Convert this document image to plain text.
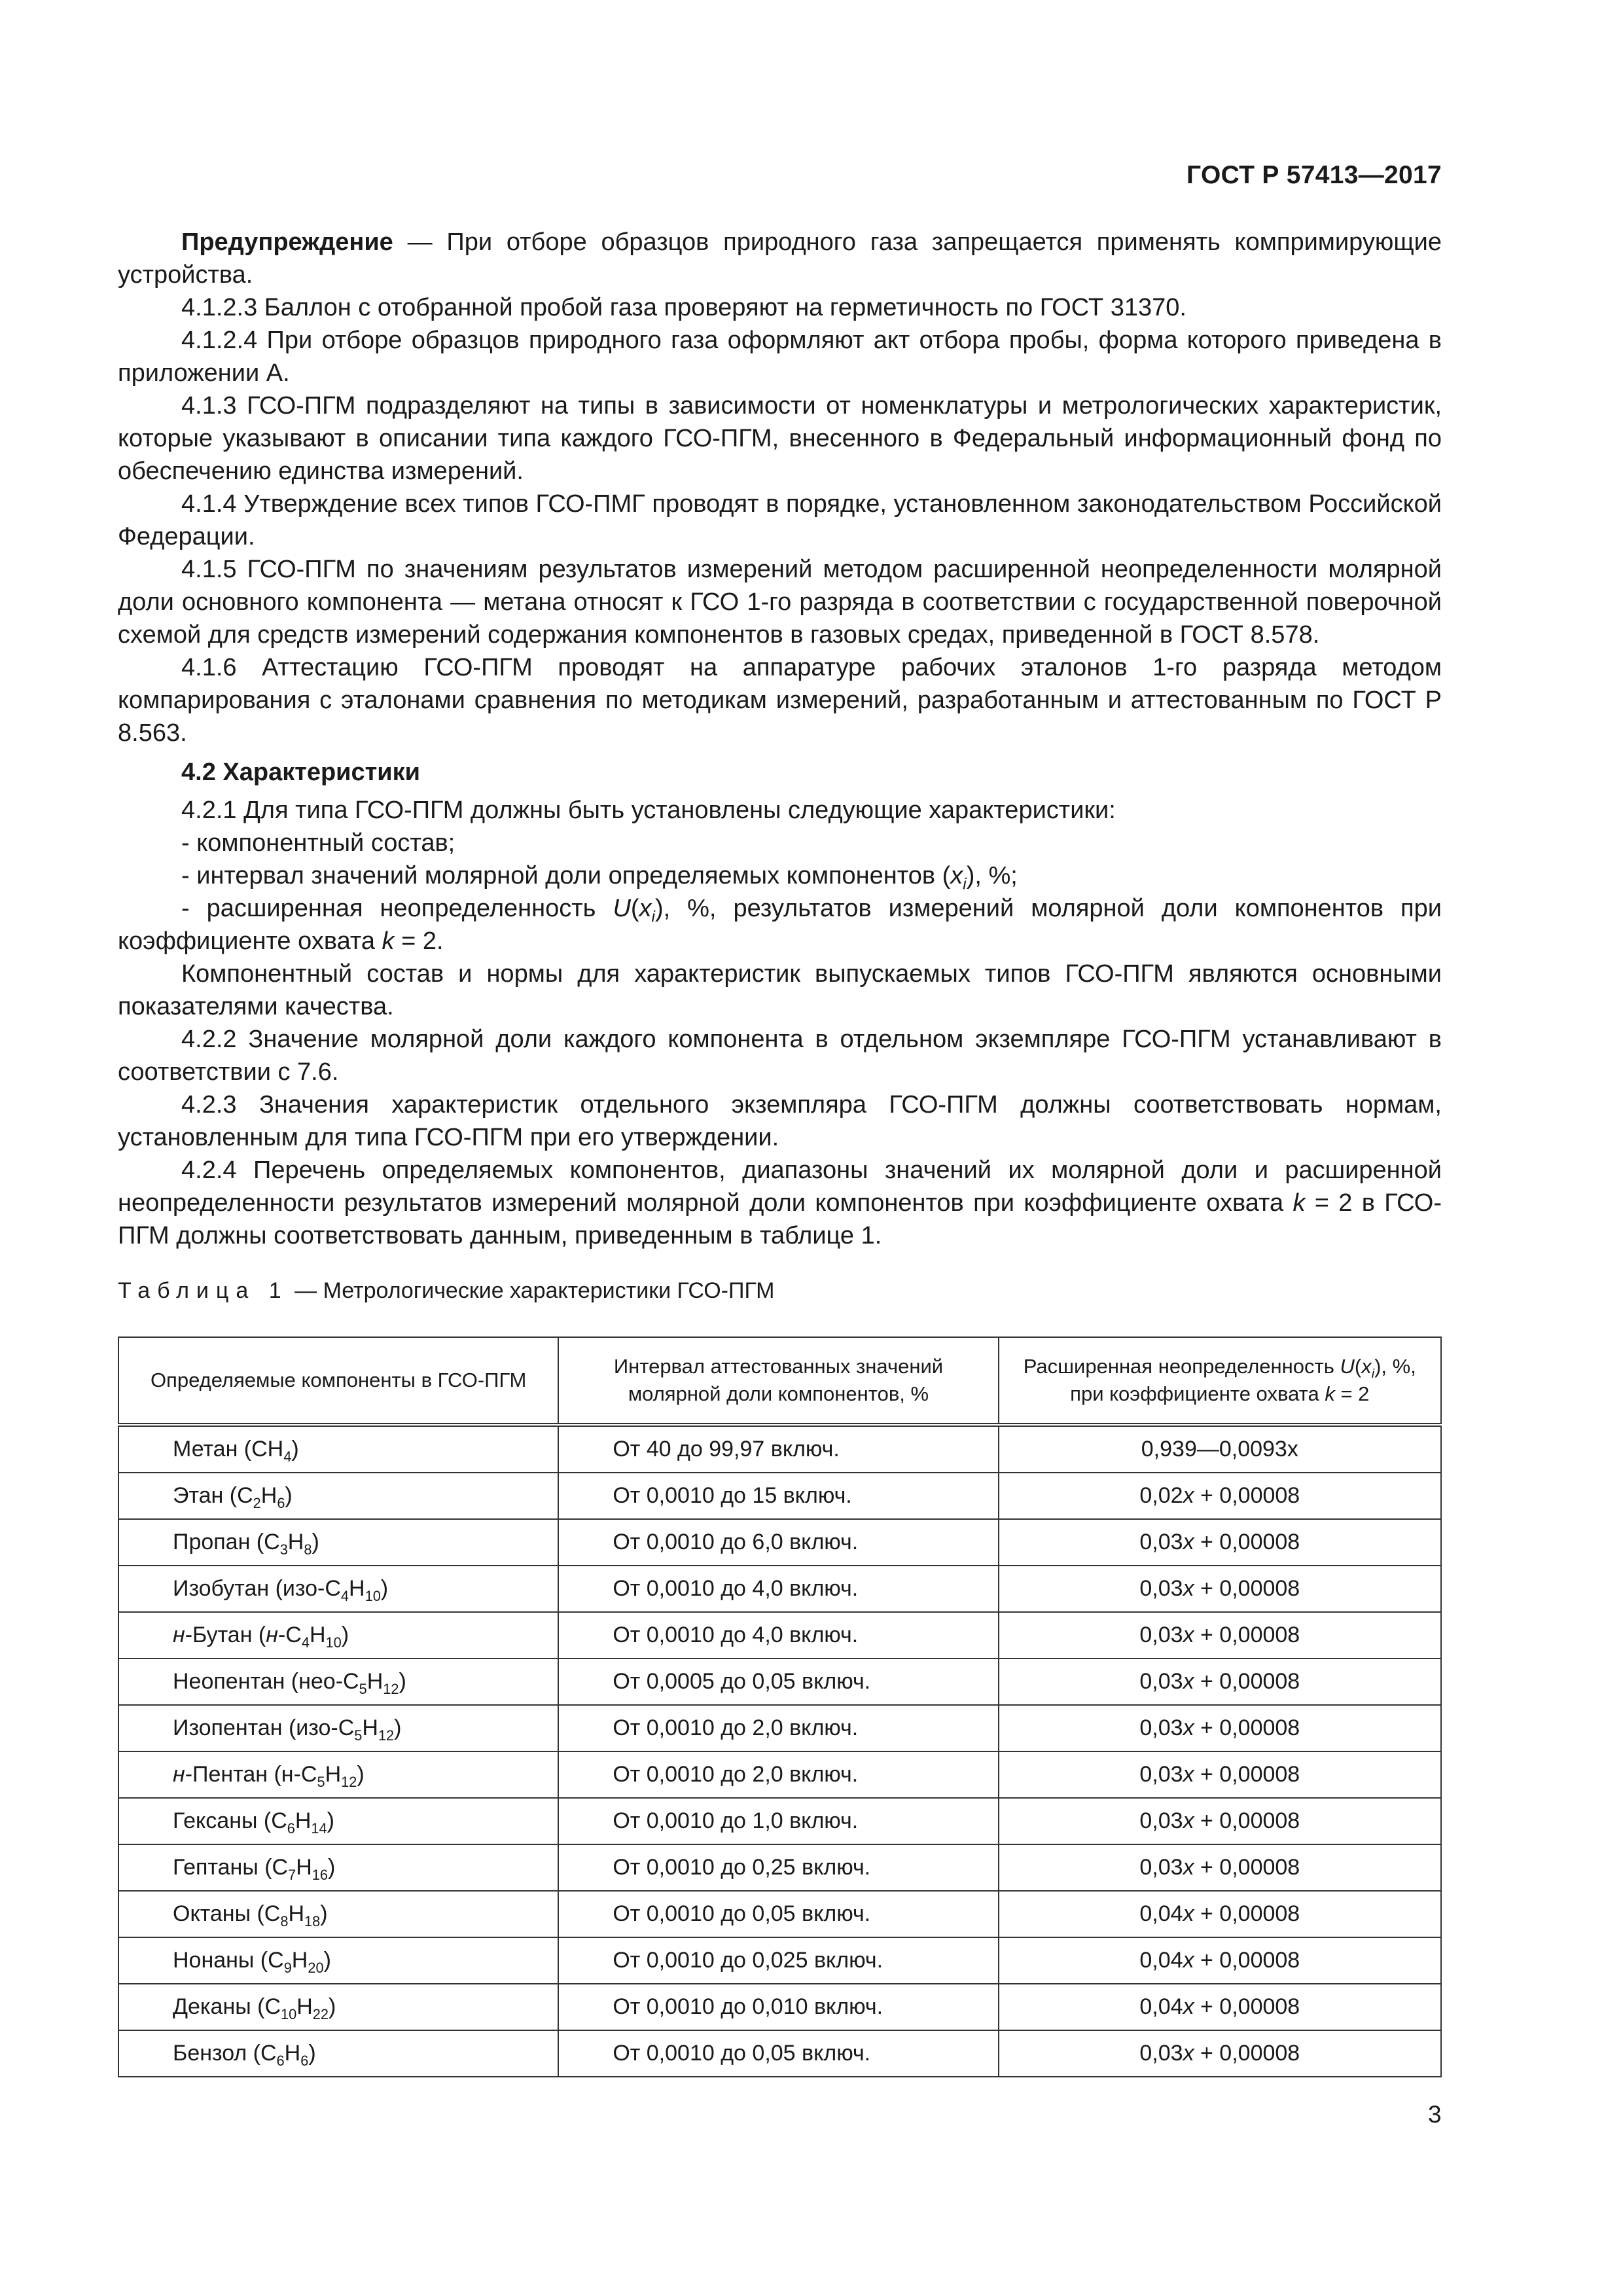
ГОСТ Р 57413—2017

Предупреждение — При отборе образцов природного газа запрещается применять компримирующие устройства.

4.1.2.3 Баллон с отобранной пробой газа проверяют на герметичность по ГОСТ 31370.

4.1.2.4 При отборе образцов природного газа оформляют акт отбора пробы, форма которого приведена в приложении А.

4.1.3 ГСО-ПГМ подразделяют на типы в зависимости от номенклатуры и метрологических характеристик, которые указывают в описании типа каждого ГСО-ПГМ, внесенного в Федеральный информационный фонд по обеспечению единства измерений.

4.1.4 Утверждение всех типов ГСО-ПМГ проводят в порядке, установленном законодательством Российской Федерации.

4.1.5 ГСО-ПГМ по значениям результатов измерений методом расширенной неопределенности молярной доли основного компонента — метана относят к ГСО 1-го разряда в соответствии с государственной поверочной схемой для средств измерений содержания компонентов в газовых средах, приведенной в ГОСТ 8.578.

4.1.6 Аттестацию ГСО-ПГМ проводят на аппаратуре рабочих эталонов 1-го разряда методом компарирования с эталонами сравнения по методикам измерений, разработанным и аттестованным по ГОСТ Р 8.563.

4.2 Характеристики

4.2.1 Для типа ГСО-ПГМ должны быть установлены следующие характеристики:

- компонентный состав;

- интервал значений молярной доли определяемых компонентов $(x_i)$, %;

- расширенная неопределенность $U(x_i)$, %, результатов измерений молярной доли компонентов при коэффициенте охвата k = 2.

Компонентный состав и нормы для характеристик выпускаемых типов ГСО-ПГМ являются основными показателями качества.

4.2.2 Значение молярной доли каждого компонента в отдельном экземпляре ГСО-ПГМ устанавливают в соответствии с 7.6.

4.2.3 Значения характеристик отдельного экземпляра ГСО-ПГМ должны соответствовать нормам, установленным для типа ГСО-ПГМ при его утверждении.

4.2.4 Перечень определяемых компонентов, диапазоны значений их молярной доли и расширенной неопределенности результатов измерений молярной доли компонентов при коэффициенте охвата k = 2 в ГСО-ПГМ должны соответствовать данным, приведенным в таблице 1.

Таблица 1 — Метрологические характеристики ГСО-ПГМ

Определяемые компоненты в ГСО-ПГМ	Интервал аттестованных значений молярной доли компонентов, %	Расширенная неопределенность $U(x_i)$, %, при коэффициенте охвата k = 2
Метан $(CH_4)$	От 40 до 99,97 включ.	0,939—0,0093x
Этан $(C_2H_6)$	От 0,0010 до 15 включ.	0,02x + 0,00008
Пропан $(C_3H_8)$	От 0,0010 до 6,0 включ.	0,03x + 0,00008
Изобутан $(изо-C_4H_{10})$	От 0,0010 до 4,0 включ.	0,03x + 0,00008
н-Бутан $(н-C_4H_{10})$	От 0,0010 до 4,0 включ.	0,03x + 0,00008
Неопентан $(нео-C_5H_{12})$	От 0,0005 до 0,05 включ.	0,03x + 0,00008
Изопентан $(изо-C_5H_{12})$	От 0,0010 до 2,0 включ.	0,03x + 0,00008
н-Пентан $(н-C_5H_{12})$	От 0,0010 до 2,0 включ.	0,03x + 0,00008
Гексаны $(C_6H_{14})$	От 0,0010 до 1,0 включ.	0,03x + 0,00008
Гептаны $(C_7H_{16})$	От 0,0010 до 0,25 включ.	0,03x + 0,00008
Октаны $(C_8H_{18})$	От 0,0010 до 0,05 включ.	0,04x + 0,00008
Нонаны $(C_9H_{20})$	От 0,0010 до 0,025 включ.	0,04x + 0,00008
Деканы $(C_{10}H_{22})$	От 0,0010 до 0,010 включ.	0,04x + 0,00008
Бензол $(C_6H_6)$	От 0,0010 до 0,05 включ.	0,03x + 0,00008
3
